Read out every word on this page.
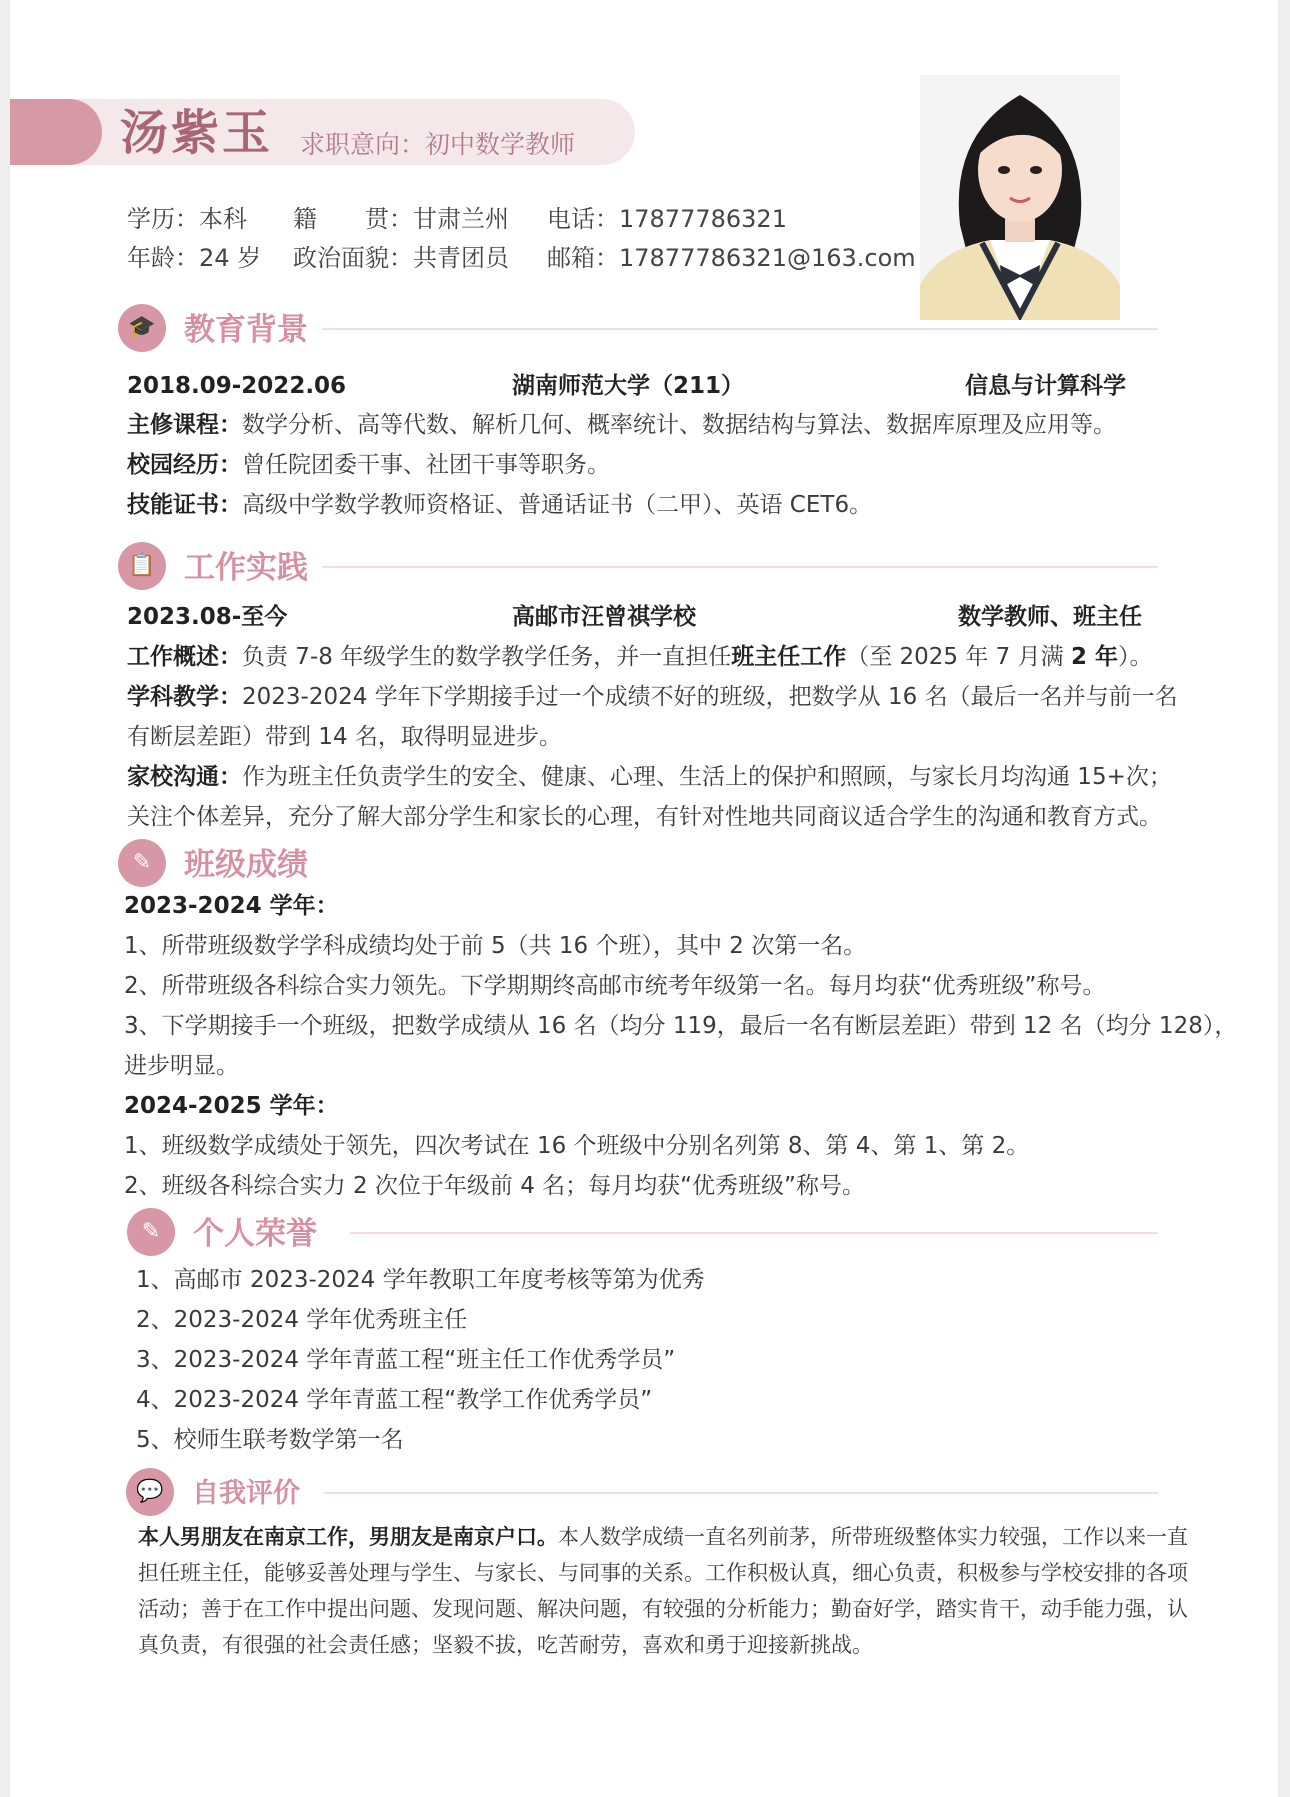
汤紫玉 求职意向：初中数学教师
学历：本科 籍　　贯：甘肃兰州 电话：17877786321
年龄：24 岁 政治面貌：共青团员 邮箱：17877786321@163.com
🎓 教育背景
2018.09-2022.06	湖南师范大学（211）	信息与计算科学
主修课程：数学分析、高等代数、解析几何、概率统计、数据结构与算法、数据库原理及应用等。
校园经历：曾任院团委干事、社团干事等职务。
技能证书：高级中学数学教师资格证、普通话证书（二甲）、英语 CET6。
📋 工作实践
2023.08-至今	高邮市汪曾祺学校	数学教师、班主任
工作概述：负责 7-8 年级学生的数学教学任务，并一直担任班主任工作（至 2025 年 7 月满 2 年）。
学科教学：2023-2024 学年下学期接手过一个成绩不好的班级，把数学从 16 名（最后一名并与前一名
有断层差距）带到 14 名，取得明显进步。
家校沟通：作为班主任负责学生的安全、健康、心理、生活上的保护和照顾，与家长月均沟通 15+次；
关注个体差异，充分了解大部分学生和家长的心理，有针对性地共同商议适合学生的沟通和教育方式。
✎	班级成绩
2023-2024 学年：
1、所带班级数学学科成绩均处于前 5（共 16 个班），其中 2 次第一名。
2、所带班级各科综合实力领先。下学期期终高邮市统考年级第一名。每月均获“优秀班级”称号。
3、下学期接手一个班级，把数学成绩从 16 名（均分 119，最后一名有断层差距）带到 12 名（均分 128），
进步明显。
2024-2025 学年：
1、班级数学成绩处于领先，四次考试在 16 个班级中分别名列第 8、第 4、第 1、第 2。
2、班级各科综合实力 2 次位于年级前 4 名；每月均获“优秀班级”称号。
✎	个人荣誉
1、高邮市 2023-2024 学年教职工年度考核等第为优秀
2、2023-2024 学年优秀班主任
3、2023-2024 学年青蓝工程“班主任工作优秀学员”
4、2023-2024 学年青蓝工程“教学工作优秀学员”
5、校师生联考数学第一名
💬	自我评价
本人男朋友在南京工作，男朋友是南京户口。本人数学成绩一直名列前茅，所带班级整体实力较强，工作以来一直
担任班主任，能够妥善处理与学生、与家长、与同事的关系。工作积极认真，细心负责，积极参与学校安排的各项
活动；善于在工作中提出问题、发现问题、解决问题，有较强的分析能力；勤奋好学，踏实肯干，动手能力强，认
真负责，有很强的社会责任感；坚毅不拔，吃苦耐劳，喜欢和勇于迎接新挑战。
